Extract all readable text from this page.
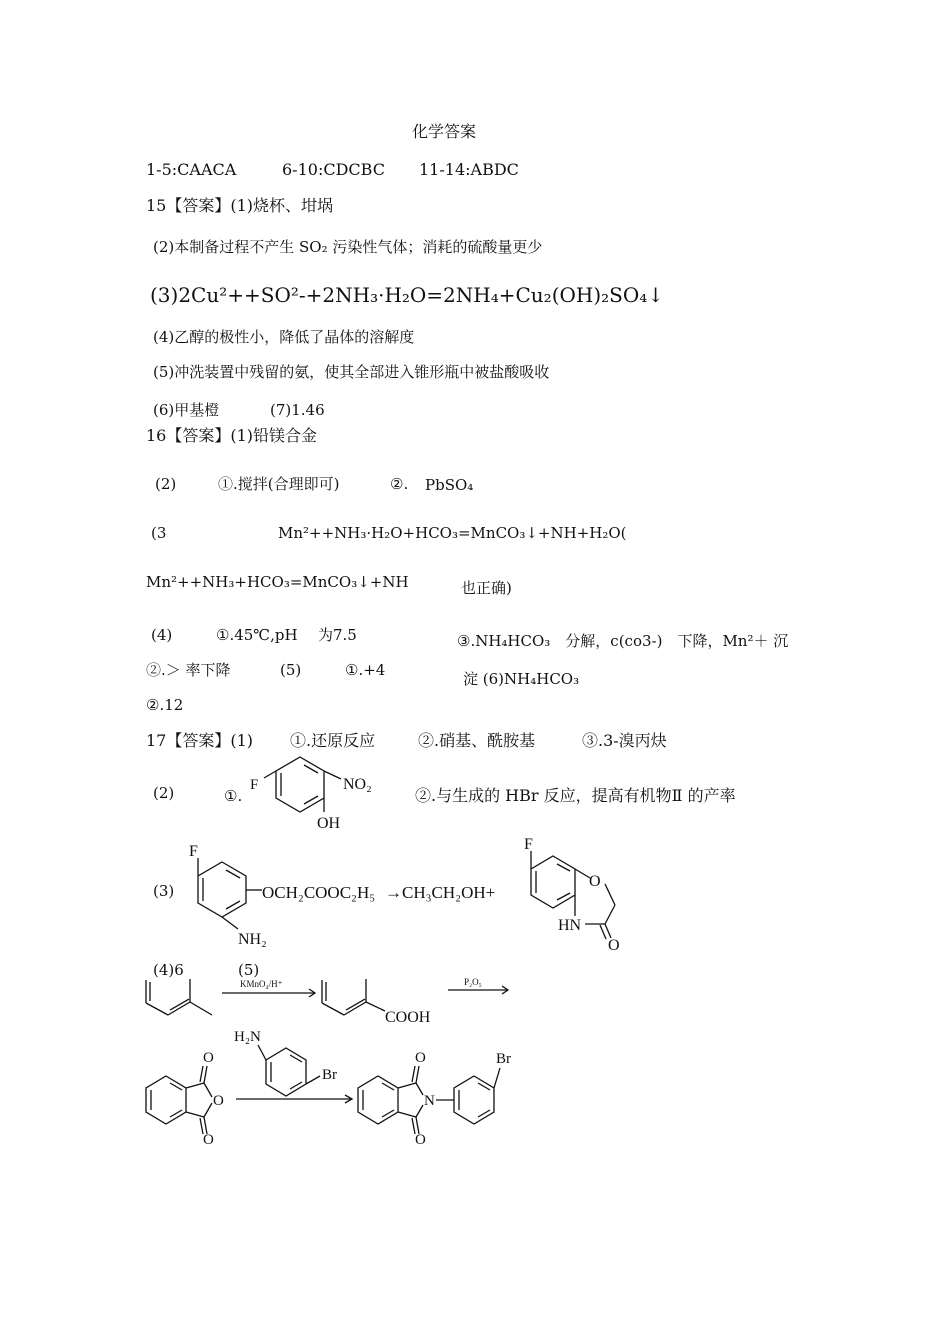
化学答案
1-5:CAACA	6-10:CDCBC 11-14:ABDC
15【答案】(1)烧杯、坩埚
(2)本制备过程不产生 SO₂ 污染性气体；消耗的硫酸量更少
(3)2Cu²++SO²-+2NH₃·H₂O=2NH₄+Cu₂(OH)₂SO₄↓
(4)乙醇的极性小，降低了晶体的溶解度
(5)冲洗装置中残留的氨，使其全部进入锥形瓶中被盐酸吸收
(6)甲基橙	(7)1.46
16【答案】(1)铅镁合金
(2)	①.搅拌(合理即可)	②. PbSO₄
(3	Mn²++NH₃·H₂O+HCO₃=MnCO₃↓+NH+H₂O(
Mn²++NH₃+HCO₃=MnCO₃↓+NH	也正确)
(4)	①.45℃,pH 为7.5	③.NH₄HCO₃　分解，c(co3-)　下降，Mn²＋ 沉
②.＞ 率下降	(5)	①.+4	淀 (6)NH₄HCO₃
②.12
17【答案】(1) ①.还原反应	②.硝基、酰胺基	③.3-溴丙炔
(2)	①.	②.与生成的 HBr 反应，提高有机物Ⅱ 的产率
F	NO₂
OH
(3)
F
OCH₂COOC₂H₅ →CH₃CH₂OH+
NH₂
F
O
HN
O
(4)6	(5)
KMnO₄/H⁺
COOH
P₂O₅
O
O
O
H₂N
Br
O
N
O
Br
